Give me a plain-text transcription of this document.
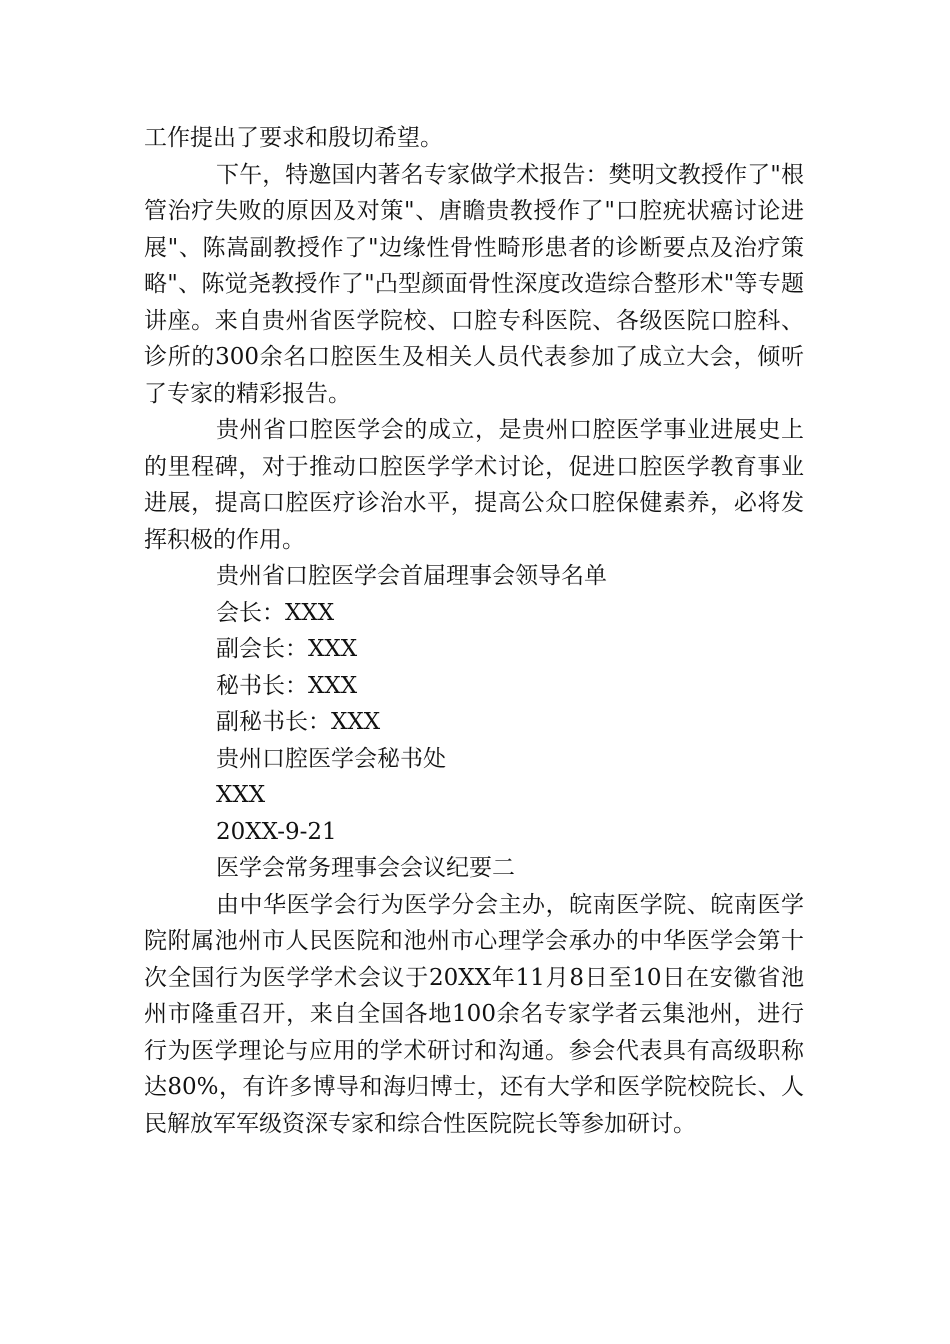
工作提出了要求和殷切希望。

下午，特邀国内著名专家做学术报告：樊明文教授作了"根管治疗失败的原因及对策"、唐瞻贵教授作了"口腔疣状癌讨论进展"、陈嵩副教授作了"边缘性骨性畸形患者的诊断要点及治疗策略"、陈觉尧教授作了"凸型颜面骨性深度改造综合整形术"等专题讲座。来自贵州省医学院校、口腔专科医院、各级医院口腔科、诊所的300余名口腔医生及相关人员代表参加了成立大会，倾听了专家的精彩报告。

贵州省口腔医学会的成立，是贵州口腔医学事业进展史上的里程碑，对于推动口腔医学学术讨论，促进口腔医学教育事业进展，提高口腔医疗诊治水平，提高公众口腔保健素养，必将发挥积极的作用。

贵州省口腔医学会首届理事会领导名单
会长：XXX
副会长：XXX
秘书长：XXX
副秘书长：XXX
贵州口腔医学会秘书处
XXX
20XX-9-21
医学会常务理事会会议纪要二

由中华医学会行为医学分会主办，皖南医学院、皖南医学院附属池州市人民医院和池州市心理学会承办的中华医学会第十次全国行为医学学术会议于20XX年11月8日至10日在安徽省池州市隆重召开，来自全国各地100余名专家学者云集池州，进行行为医学理论与应用的学术研讨和沟通。参会代表具有高级职称达80%，有许多博导和海归博士，还有大学和医学院校院长、人民解放军军级资深专家和综合性医院院长等参加研讨。
